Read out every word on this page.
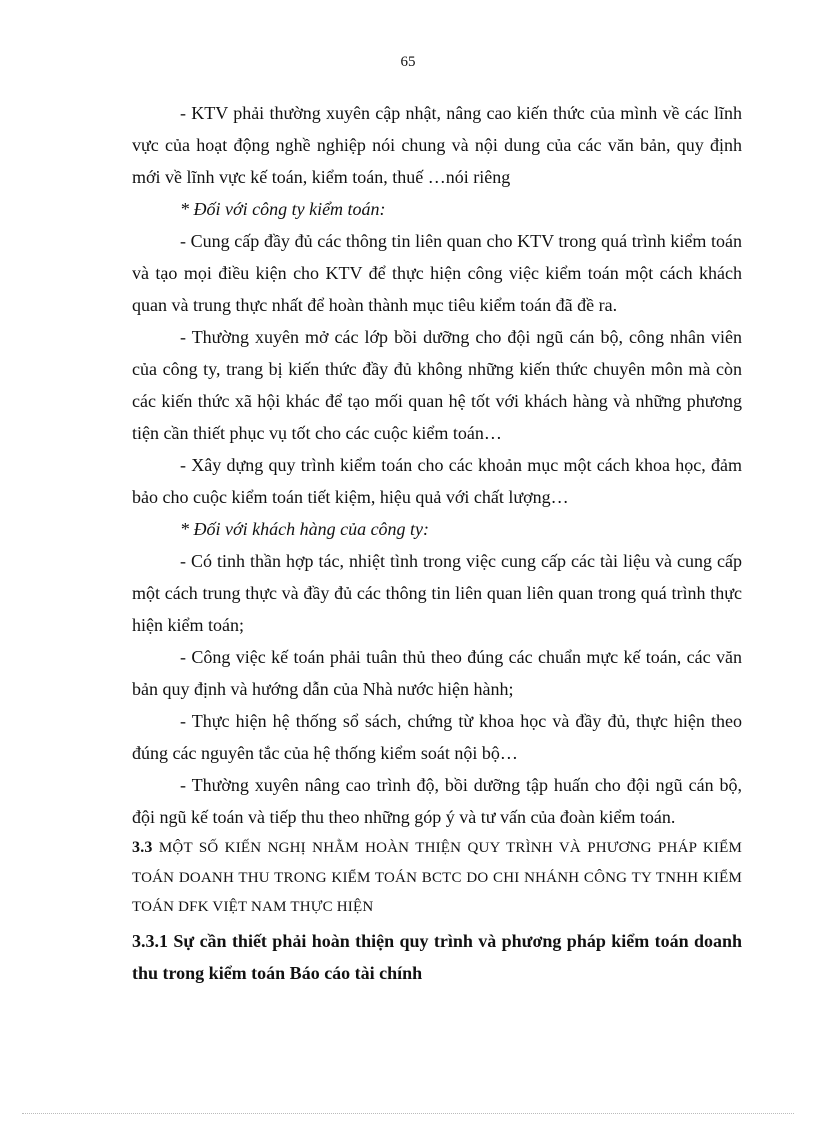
65

- KTV phải thường xuyên cập nhật, nâng cao kiến thức của mình về các lĩnh vực của hoạt động nghề nghiệp nói chung và nội dung của các văn bản, quy định mới về lĩnh vực kế toán, kiểm toán, thuế …nói riêng

* Đối với công ty kiểm toán:

- Cung cấp đầy đủ các thông tin liên quan cho KTV trong quá trình kiểm toán và tạo mọi điều kiện cho KTV để thực hiện công việc kiểm toán một cách khách quan và trung thực nhất để hoàn thành mục tiêu kiểm toán đã đề ra.

- Thường xuyên mở các lớp bồi dưỡng cho đội ngũ cán bộ, công nhân viên của công ty, trang bị kiến thức đầy đủ không những kiến thức chuyên môn mà còn các kiến thức xã hội khác để tạo mối quan hệ tốt với khách hàng và những phương tiện cần thiết phục vụ tốt cho các cuộc kiểm toán…

- Xây dựng quy trình kiểm toán cho các khoản mục một cách khoa học, đảm bảo cho cuộc kiểm toán tiết kiệm, hiệu quả với chất lượng…

* Đối với khách hàng của công ty:

- Có tinh thần hợp tác, nhiệt tình trong việc cung cấp các tài liệu và cung cấp một cách trung thực và đầy đủ các thông tin liên quan liên quan trong quá trình thực hiện kiểm toán;

- Công việc kế toán phải tuân thủ theo đúng các chuẩn mực kế toán, các văn bản quy định và hướng dẫn của Nhà nước hiện hành;

- Thực hiện hệ thống sổ sách, chứng từ khoa học và đầy đủ, thực hiện theo đúng các nguyên tắc của hệ thống kiểm soát nội bộ…

- Thường xuyên nâng cao trình độ, bồi dưỡng tập huấn cho đội ngũ cán bộ, đội ngũ kế toán và tiếp thu theo những góp ý và tư vấn của đoàn kiểm toán.

3.3 MỘT SỐ KIẾN NGHỊ NHẰM HOÀN THIỆN QUY TRÌNH VÀ PHƯƠNG PHÁP KIỂM TOÁN DOANH THU TRONG KIỂM TOÁN BCTC DO CHI NHÁNH CÔNG TY TNHH KIỂM TOÁN DFK VIỆT NAM THỰC HIỆN

3.3.1 Sự cần thiết phải hoàn thiện quy trình và phương pháp kiểm toán doanh thu trong kiểm toán Báo cáo tài chính
